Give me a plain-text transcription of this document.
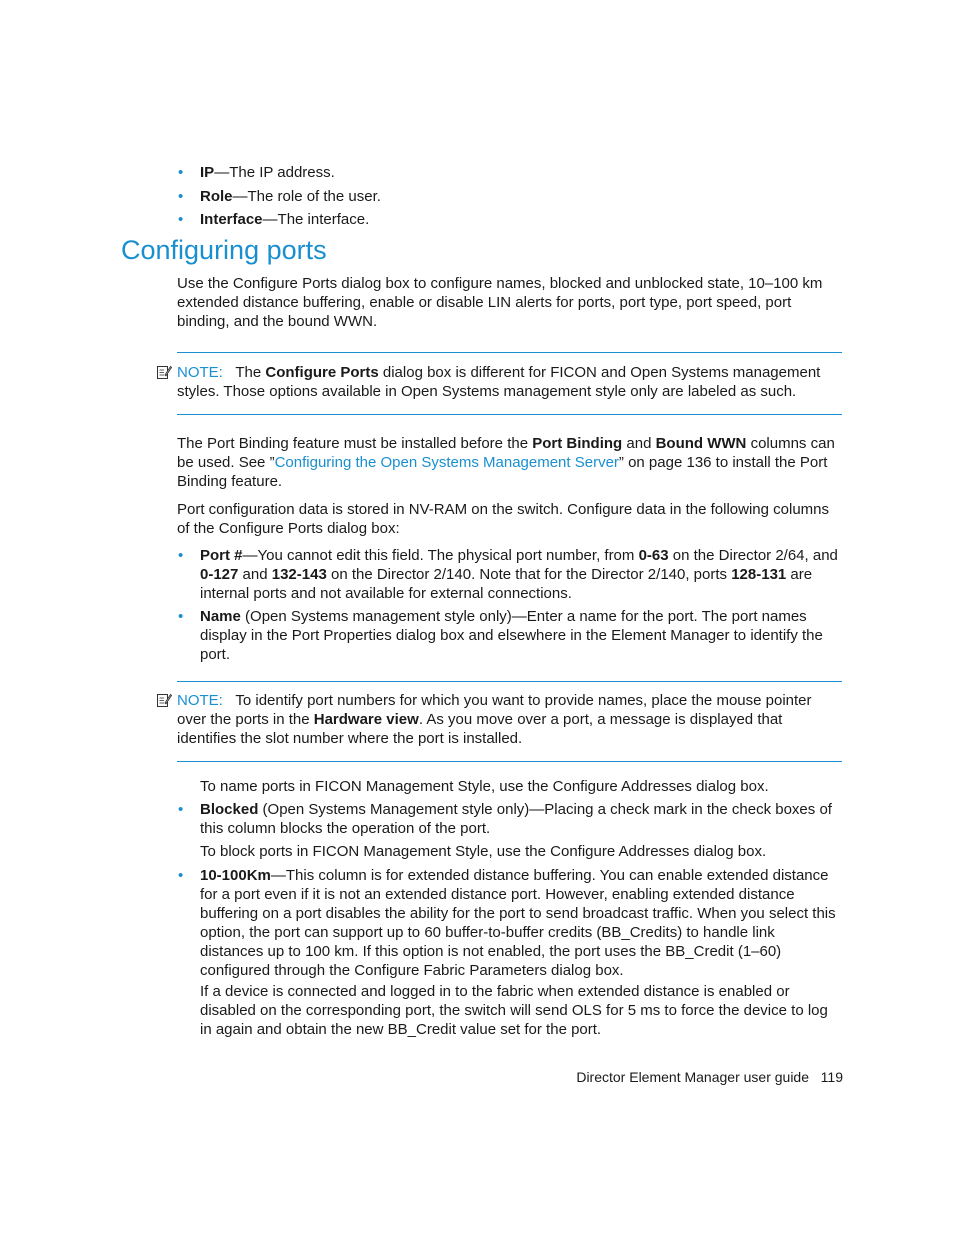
• IP—The IP address.
• Role—The role of the user.
• Interface—The interface.
Configuring ports
Use the Configure Ports dialog box to configure names, blocked and unblocked state, 10–100 km extended distance buffering, enable or disable LIN alerts for ports, port type, port speed, port binding, and the bound WWN.
NOTE: The Configure Ports dialog box is different for FICON and Open Systems management styles. Those options available in Open Systems management style only are labeled as such.
The Port Binding feature must be installed before the Port Binding and Bound WWN columns can be used. See ”Configuring the Open Systems Management Server” on page 136 to install the Port Binding feature.
Port configuration data is stored in NV-RAM on the switch. Configure data in the following columns of the Configure Ports dialog box:
• Port #—You cannot edit this field. The physical port number, from 0-63 on the Director 2/64, and 0-127 and 132-143 on the Director 2/140. Note that for the Director 2/140, ports 128-131 are internal ports and not available for external connections.
• Name (Open Systems management style only)—Enter a name for the port. The port names display in the Port Properties dialog box and elsewhere in the Element Manager to identify the port.
NOTE: To identify port numbers for which you want to provide names, place the mouse pointer over the ports in the Hardware view. As you move over a port, a message is displayed that identifies the slot number where the port is installed.
To name ports in FICON Management Style, use the Configure Addresses dialog box.
• Blocked (Open Systems Management style only)—Placing a check mark in the check boxes of this column blocks the operation of the port.
To block ports in FICON Management Style, use the Configure Addresses dialog box.
• 10-100Km—This column is for extended distance buffering. You can enable extended distance for a port even if it is not an extended distance port. However, enabling extended distance buffering on a port disables the ability for the port to send broadcast traffic. When you select this option, the port can support up to 60 buffer-to-buffer credits (BB_Credits) to handle link distances up to 100 km. If this option is not enabled, the port uses the BB_Credit (1–60) configured through the Configure Fabric Parameters dialog box.
If a device is connected and logged in to the fabric when extended distance is enabled or disabled on the corresponding port, the switch will send OLS for 5 ms to force the device to log in again and obtain the new BB_Credit value set for the port.
Director Element Manager user guide 119
